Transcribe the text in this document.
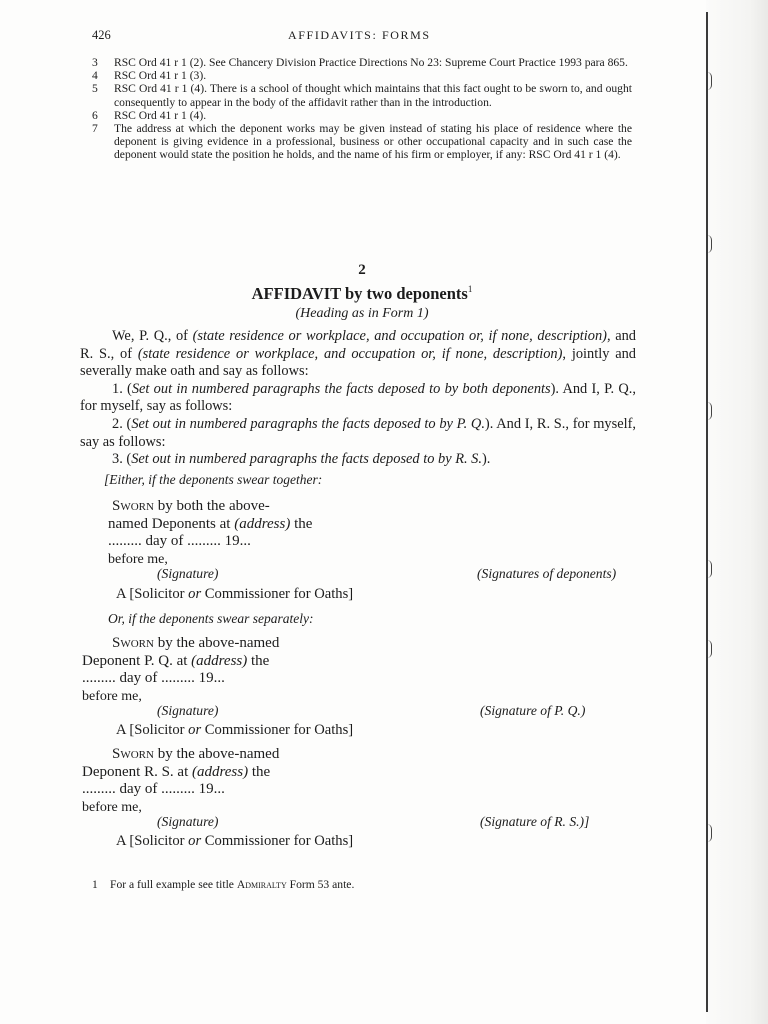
426	AFFIDAVITS: FORMS
3	RSC Ord 41 r 1 (2). See Chancery Division Practice Directions No 23: Supreme Court Practice 1993 para 865.
4	RSC Ord 41 r 1 (3).
5	RSC Ord 41 r 1 (4). There is a school of thought which maintains that this fact ought to be sworn to, and ought consequently to appear in the body of the affidavit rather than in the introduction.
6	RSC Ord 41 r 1 (4).
7	The address at which the deponent works may be given instead of stating his place of residence where the deponent is giving evidence in a professional, business or other occupational capacity and in such case the deponent would state the position he holds, and the name of his firm or employer, if any: RSC Ord 41 r 1 (4).
2
AFFIDAVIT by two deponents$^1$
(Heading as in Form 1)

We, P. Q., of (state residence or workplace, and occupation or, if none, description), and R. S., of (state residence or workplace, and occupation or, if none, description), jointly and severally make oath and say as follows:

1. (Set out in numbered paragraphs the facts deposed to by both deponents). And I, P. Q., for myself, say as follows:

2. (Set out in numbered paragraphs the facts deposed to by P. Q.). And I, R. S., for myself, say as follows:

3. (Set out in numbered paragraphs the facts deposed to by R. S.).

[Either, if the deponents swear together:
Sworn by both the above-
named Deponents at (address) the
......... day of ......... 19...
before me,
(Signature)	(Signatures of deponents)
A [Solicitor or Commissioner for Oaths]
Or, if the deponents swear separately:
Sworn by the above-named
Deponent P. Q. at (address) the
......... day of ......... 19...
before me,
(Signature)	(Signature of P. Q.)
A [Solicitor or Commissioner for Oaths]
Sworn by the above-named
Deponent R. S. at (address) the
......... day of ......... 19...
before me,
(Signature)	(Signature of R. S.)]
A [Solicitor or Commissioner for Oaths]
1 For a full example see title Admiralty Form 53 ante.
